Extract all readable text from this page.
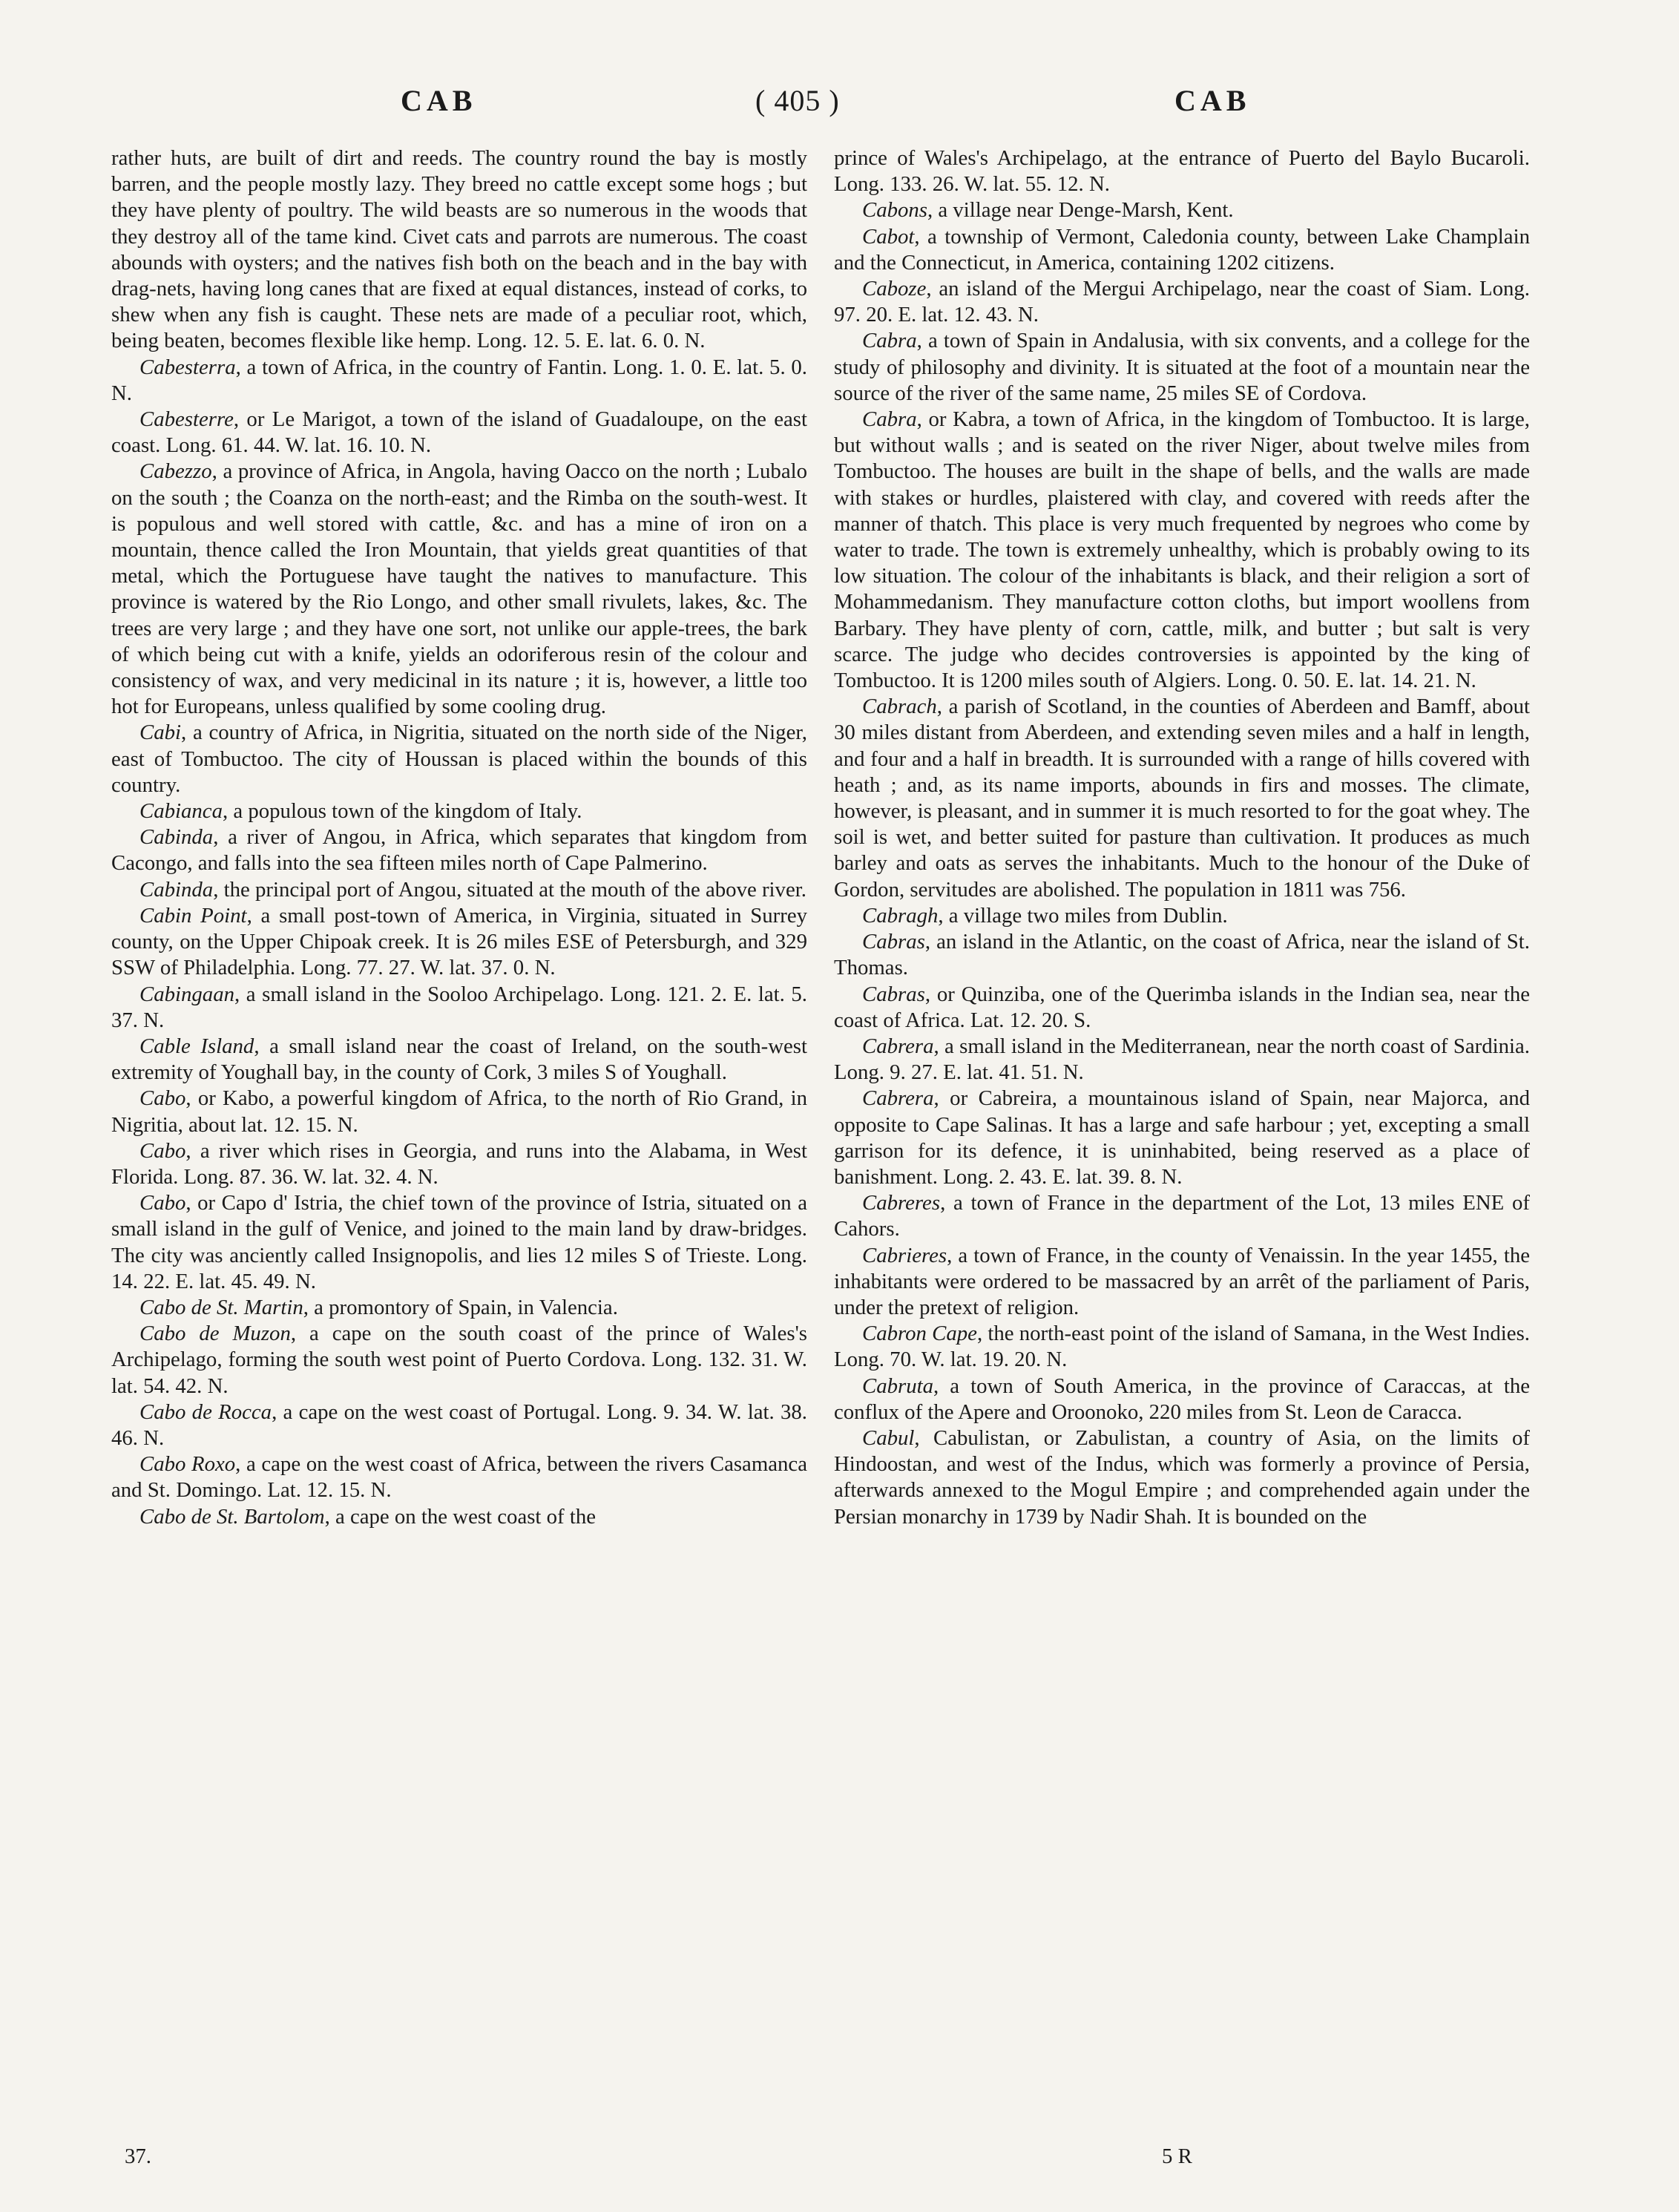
CAB	( 405 )	CAB

rather huts, are built of dirt and reeds. The country round the bay is mostly barren, and the people mostly lazy. They breed no cattle except some hogs ; but they have plenty of poultry. The wild beasts are so numerous in the woods that they destroy all of the tame kind. Civet cats and parrots are numerous. The coast abounds with oysters; and the natives fish both on the beach and in the bay with drag-nets, having long canes that are fixed at equal distances, instead of corks, to shew when any fish is caught. These nets are made of a peculiar root, which, being beaten, becomes flexible like hemp. Long. 12. 5. E. lat. 6. 0. N.

Cabesterra, a town of Africa, in the country of Fantin. Long. 1. 0. E. lat. 5. 0. N.

Cabesterre, or Le Marigot, a town of the island of Guadaloupe, on the east coast. Long. 61. 44. W. lat. 16. 10. N.

Cabezzo, a province of Africa, in Angola, having Oacco on the north ; Lubalo on the south ; the Coanza on the north-east; and the Rimba on the south-west. It is populous and well stored with cattle, &c. and has a mine of iron on a mountain, thence called the Iron Mountain, that yields great quantities of that metal, which the Portuguese have taught the natives to manufacture. This province is watered by the Rio Longo, and other small rivulets, lakes, &c. The trees are very large ; and they have one sort, not unlike our apple-trees, the bark of which being cut with a knife, yields an odoriferous resin of the colour and consistency of wax, and very medicinal in its nature ; it is, however, a little too hot for Europeans, unless qualified by some cooling drug.

Cabi, a country of Africa, in Nigritia, situated on the north side of the Niger, east of Tombuctoo. The city of Houssan is placed within the bounds of this country.

Cabianca, a populous town of the kingdom of Italy.

Cabinda, a river of Angou, in Africa, which separates that kingdom from Cacongo, and falls into the sea fifteen miles north of Cape Palmerino.

Cabinda, the principal port of Angou, situated at the mouth of the above river.

Cabin Point, a small post-town of America, in Virginia, situated in Surrey county, on the Upper Chipoak creek. It is 26 miles ESE of Petersburgh, and 329 SSW of Philadelphia. Long. 77. 27. W. lat. 37. 0. N.

Cabingaan, a small island in the Sooloo Archipelago. Long. 121. 2. E. lat. 5. 37. N.

Cable Island, a small island near the coast of Ireland, on the south-west extremity of Youghall bay, in the county of Cork, 3 miles S of Youghall.

Cabo, or Kabo, a powerful kingdom of Africa, to the north of Rio Grand, in Nigritia, about lat. 12. 15. N.

Cabo, a river which rises in Georgia, and runs into the Alabama, in West Florida. Long. 87. 36. W. lat. 32. 4. N.

Cabo, or Capo d' Istria, the chief town of the province of Istria, situated on a small island in the gulf of Venice, and joined to the main land by draw-bridges. The city was anciently called Insignopolis, and lies 12 miles S of Trieste. Long. 14. 22. E. lat. 45. 49. N.

Cabo de St. Martin, a promontory of Spain, in Valencia.

Cabo de Muzon, a cape on the south coast of the prince of Wales's Archipelago, forming the south west point of Puerto Cordova. Long. 132. 31. W. lat. 54. 42. N.

Cabo de Rocca, a cape on the west coast of Portugal. Long. 9. 34. W. lat. 38. 46. N.

Cabo Roxo, a cape on the west coast of Africa, between the rivers Casamanca and St. Domingo. Lat. 12. 15. N.

Cabo de St. Bartolom, a cape on the west coast of the

prince of Wales's Archipelago, at the entrance of Puerto del Baylo Bucaroli. Long. 133. 26. W. lat. 55. 12. N.

Cabons, a village near Denge-Marsh, Kent.

Cabot, a township of Vermont, Caledonia county, between Lake Champlain and the Connecticut, in America, containing 1202 citizens.

Caboze, an island of the Mergui Archipelago, near the coast of Siam. Long. 97. 20. E. lat. 12. 43. N.

Cabra, a town of Spain in Andalusia, with six convents, and a college for the study of philosophy and divinity. It is situated at the foot of a mountain near the source of the river of the same name, 25 miles SE of Cordova.

Cabra, or Kabra, a town of Africa, in the kingdom of Tombuctoo. It is large, but without walls ; and is seated on the river Niger, about twelve miles from Tombuctoo. The houses are built in the shape of bells, and the walls are made with stakes or hurdles, plaistered with clay, and covered with reeds after the manner of thatch. This place is very much frequented by negroes who come by water to trade. The town is extremely unhealthy, which is probably owing to its low situation. The colour of the inhabitants is black, and their religion a sort of Mohammedanism. They manufacture cotton cloths, but import woollens from Barbary. They have plenty of corn, cattle, milk, and butter ; but salt is very scarce. The judge who decides controversies is appointed by the king of Tombuctoo. It is 1200 miles south of Algiers. Long. 0. 50. E. lat. 14. 21. N.

Cabrach, a parish of Scotland, in the counties of Aberdeen and Bamff, about 30 miles distant from Aberdeen, and extending seven miles and a half in length, and four and a half in breadth. It is surrounded with a range of hills covered with heath ; and, as its name imports, abounds in firs and mosses. The climate, however, is pleasant, and in summer it is much resorted to for the goat whey. The soil is wet, and better suited for pasture than cultivation. It produces as much barley and oats as serves the inhabitants. Much to the honour of the Duke of Gordon, servitudes are abolished. The population in 1811 was 756.

Cabragh, a village two miles from Dublin.

Cabras, an island in the Atlantic, on the coast of Africa, near the island of St. Thomas.

Cabras, or Quinziba, one of the Querimba islands in the Indian sea, near the coast of Africa. Lat. 12. 20. S.

Cabrera, a small island in the Mediterranean, near the north coast of Sardinia. Long. 9. 27. E. lat. 41. 51. N.

Cabrera, or Cabreira, a mountainous island of Spain, near Majorca, and opposite to Cape Salinas. It has a large and safe harbour ; yet, excepting a small garrison for its defence, it is uninhabited, being reserved as a place of banishment. Long. 2. 43. E. lat. 39. 8. N.

Cabreres, a town of France in the department of the Lot, 13 miles ENE of Cahors.

Cabrieres, a town of France, in the county of Venaissin. In the year 1455, the inhabitants were ordered to be massacred by an arrêt of the parliament of Paris, under the pretext of religion.

Cabron Cape, the north-east point of the island of Samana, in the West Indies. Long. 70. W. lat. 19. 20. N.

Cabruta, a town of South America, in the province of Caraccas, at the conflux of the Apere and Oroonoko, 220 miles from St. Leon de Caracca.

Cabul, Cabulistan, or Zabulistan, a country of Asia, on the limits of Hindoostan, and west of the Indus, which was formerly a province of Persia, afterwards annexed to the Mogul Empire ; and comprehended again under the Persian monarchy in 1739 by Nadir Shah. It is bounded on the

37.	5 R
